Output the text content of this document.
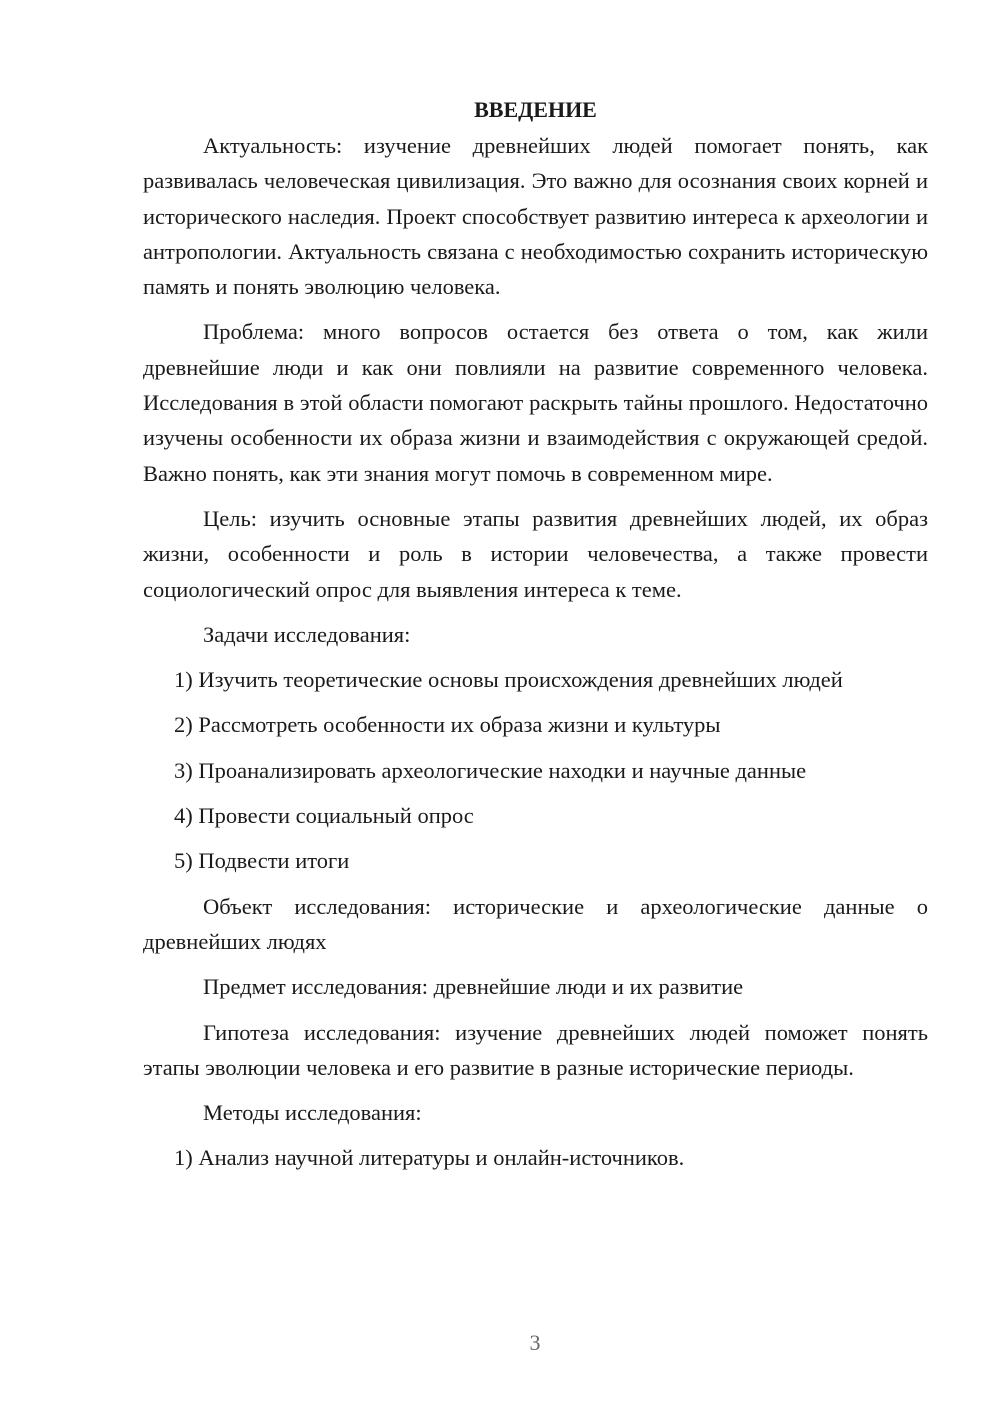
ВВЕДЕНИЕ

Актуальность: изучение древнейших людей помогает понять, как развивалась человеческая цивилизация. Это важно для осознания своих корней и исторического наследия. Проект способствует развитию интереса к археологии и антропологии. Актуальность связана с необходимостью сохранить историческую память и понять эволюцию человека.

Проблема: много вопросов остается без ответа о том, как жили древнейшие люди и как они повлияли на развитие современного человека. Исследования в этой области помогают раскрыть тайны прошлого. Недостаточно изучены особенности их образа жизни и взаимодействия с окружающей средой. Важно понять, как эти знания могут помочь в современном мире.

Цель: изучить основные этапы развития древнейших людей, их образ жизни, особенности и роль в истории человечества, а также провести социологический опрос для выявления интереса к теме.

Задачи исследования:

1) Изучить теоретические основы происхождения древнейших людей

2) Рассмотреть особенности их образа жизни и культуры

3) Проанализировать археологические находки и научные данные

4) Провести социальный опрос

5) Подвести итоги

Объект исследования: исторические и археологические данные о древнейших людях

Предмет исследования: древнейшие люди и их развитие

Гипотеза исследования: изучение древнейших людей поможет понять этапы эволюции человека и его развитие в разные исторические периоды.

Методы исследования:

1) Анализ научной литературы и онлайн-источников.

3
